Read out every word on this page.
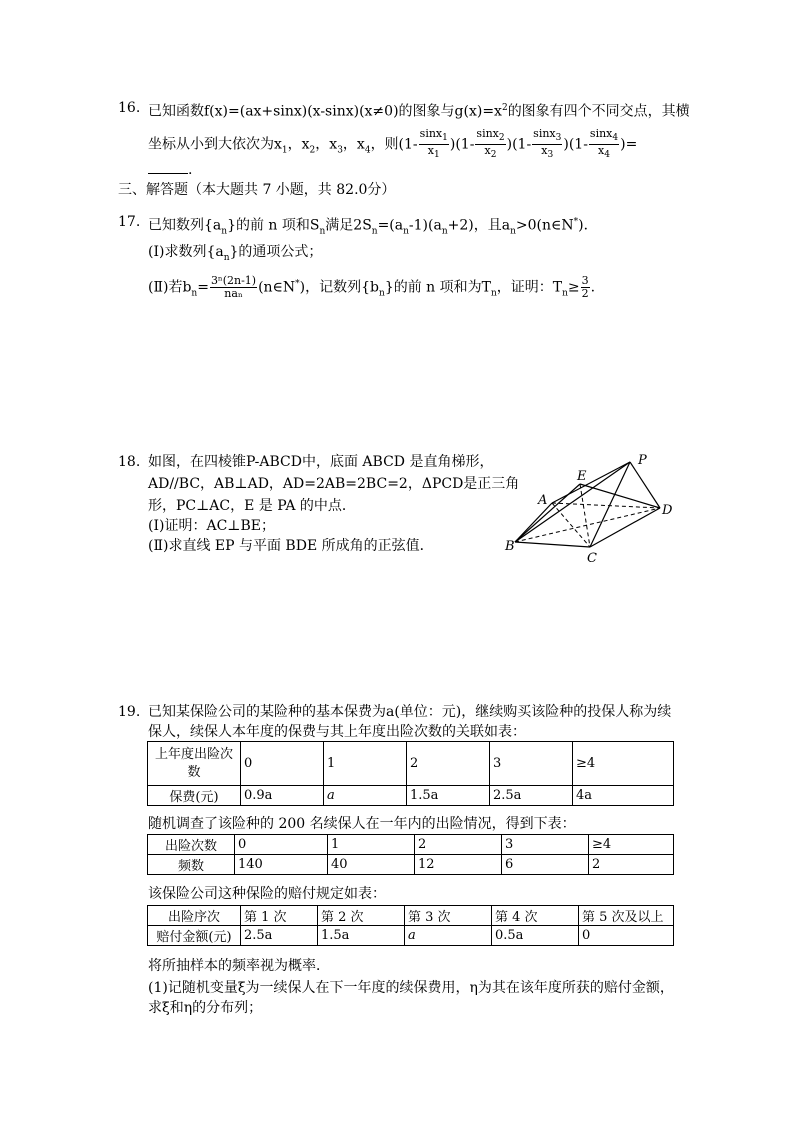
16. 已知函数f(x)=(ax+sinx)(x-sinx)(x≠0)的图象与$g(x)=x^2$的图象有四个不同交点，其横
坐标从小到大依次为$x_1$，$x_2$，$x_3$，$x_4$，则$(1- \frac{\sin x_1}{x_1} )(1- \frac{\sin x_2}{x_2} )(1- \frac{\sin x_3}{x_3} )(1- \frac{\sin x_4}{x_4}$ )=
.
三、解答题（本大题共 7 小题，共 82.0分）
17. 已知数列$\{a_n\}$的前 n 项和$S_n$满足$2S_n=(a_n-1)(a_n+2)$，且$a_n>0(n\in N^*)$．
(Ⅰ)求数列$\{a_n\}$的通项公式；
(Ⅱ)若$b_n= \frac{\text{3ⁿ(2n-1)}}{\text{naₙ}}$ (n∈N*)，记数列$\{b_n\}$的前 n 项和为$T_n$，证明：$T_n\ge \frac{3}{2}$ .
18. 如图，在四棱锥P-ABCD中，底面 ABCD 是直角梯形，
AD//BC，AB⊥AD，AD=2AB=2BC=2，ΔPCD是正三角
形，PC⊥AC，E 是 PA 的中点．
(Ⅰ)证明：AC⊥BE；
(Ⅱ)求直线 EP 与平面 BDE 所成角的正弦值．
P
E
A
D
B
C
19. 已知某保险公司的某险种的基本保费为a(单位：元)，继续购买该险种的投保人称为续
保人，续保人本年度的保费与其上年度出险次数的关联如表：
上年度出险次数	0	1	2	3	≥4
保费(元)	0.9a	a	1.5a	2.5a	4a
随机调查了该险种的 200 名续保人在一年内的出险情况，得到下表：
出险次数	0	1	2	3	≥4
频数	140	40	12	6	2
该保险公司这种保险的赔付规定如表：
出险序次	第 1 次	第 2 次	第 3 次	第 4 次	第 5 次及以上
赔付金额(元)	2.5a	1.5a	a	0.5a	0
将所抽样本的频率视为概率．
(1)记随机变量ξ为一续保人在下一年度的续保费用，η为其在该年度所获的赔付金额，
求ξ和η的分布列；
